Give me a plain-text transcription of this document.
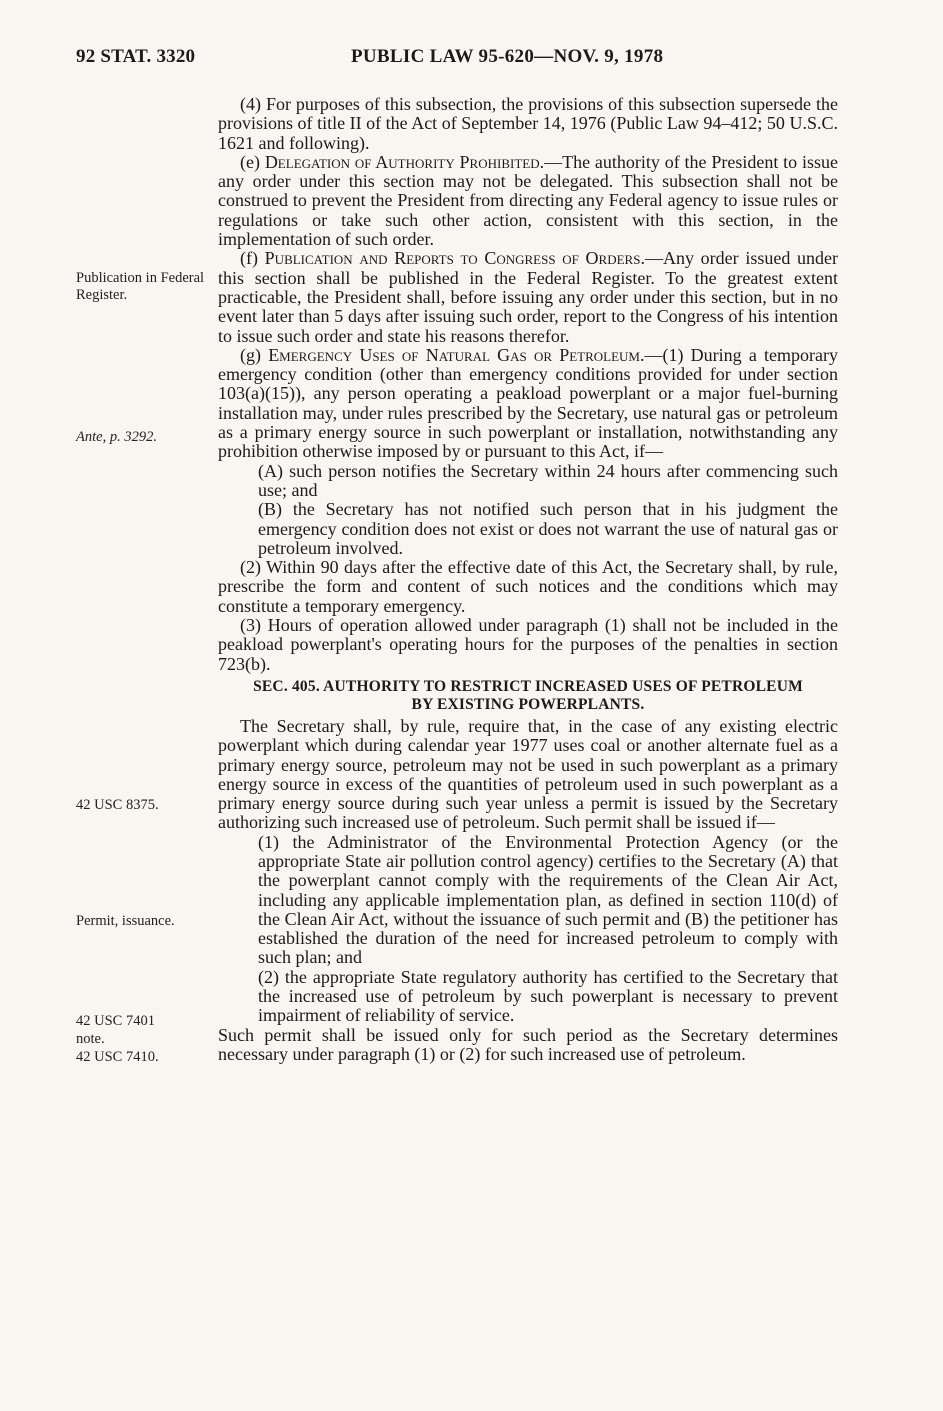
92 STAT. 3320	PUBLIC LAW 95-620—NOV. 9, 1978
Publication in Federal Register.
Ante, p. 3292.
42 USC 8375.
Permit, issuance.
42 USC 7401
note.
42 USC 7410.

(4) For purposes of this subsection, the provisions of this subsection supersede the provisions of title II of the Act of September 14, 1976 (Public Law 94–412; 50 U.S.C. 1621 and following).

(e) Delegation of Authority Prohibited.—The authority of the President to issue any order under this section may not be delegated. This subsection shall not be construed to prevent the President from directing any Federal agency to issue rules or regulations or take such other action, consistent with this section, in the implementation of such order.

(f) Publication and Reports to Congress of Orders.—Any order issued under this section shall be published in the Federal Register. To the greatest extent practicable, the President shall, before issuing any order under this section, but in no event later than 5 days after issuing such order, report to the Congress of his intention to issue such order and state his reasons therefor.

(g) Emergency Uses of Natural Gas or Petroleum.—(1) During a temporary emergency condition (other than emergency conditions provided for under section 103(a)(15)), any person operating a peakload powerplant or a major fuel-burning installation may, under rules prescribed by the Secretary, use natural gas or petroleum as a primary energy source in such powerplant or installation, notwithstanding any prohibition otherwise imposed by or pursuant to this Act, if—

(A) such person notifies the Secretary within 24 hours after commencing such use; and

(B) the Secretary has not notified such person that in his judgment the emergency condition does not exist or does not warrant the use of natural gas or petroleum involved.

(2) Within 90 days after the effective date of this Act, the Secretary shall, by rule, prescribe the form and content of such notices and the conditions which may constitute a temporary emergency.

(3) Hours of operation allowed under paragraph (1) shall not be included in the peakload powerplant's operating hours for the purposes of the penalties in section 723(b).

SEC. 405. AUTHORITY TO RESTRICT INCREASED USES OF PETROLEUM
BY EXISTING POWERPLANTS.

The Secretary shall, by rule, require that, in the case of any existing electric powerplant which during calendar year 1977 uses coal or another alternate fuel as a primary energy source, petroleum may not be used in such powerplant as a primary energy source in excess of the quantities of petroleum used in such powerplant as a primary energy source during such year unless a permit is issued by the Secretary authorizing such increased use of petroleum. Such permit shall be issued if—

(1) the Administrator of the Environmental Protection Agency (or the appropriate State air pollution control agency) certifies to the Secretary (A) that the powerplant cannot comply with the requirements of the Clean Air Act, including any applicable implementation plan, as defined in section 110(d) of the Clean Air Act, without the issuance of such permit and (B) the petitioner has established the duration of the need for increased petroleum to comply with such plan; and

(2) the appropriate State regulatory authority has certified to the Secretary that the increased use of petroleum by such powerplant is necessary to prevent impairment of reliability of service.

Such permit shall be issued only for such period as the Secretary determines necessary under paragraph (1) or (2) for such increased use of petroleum.
